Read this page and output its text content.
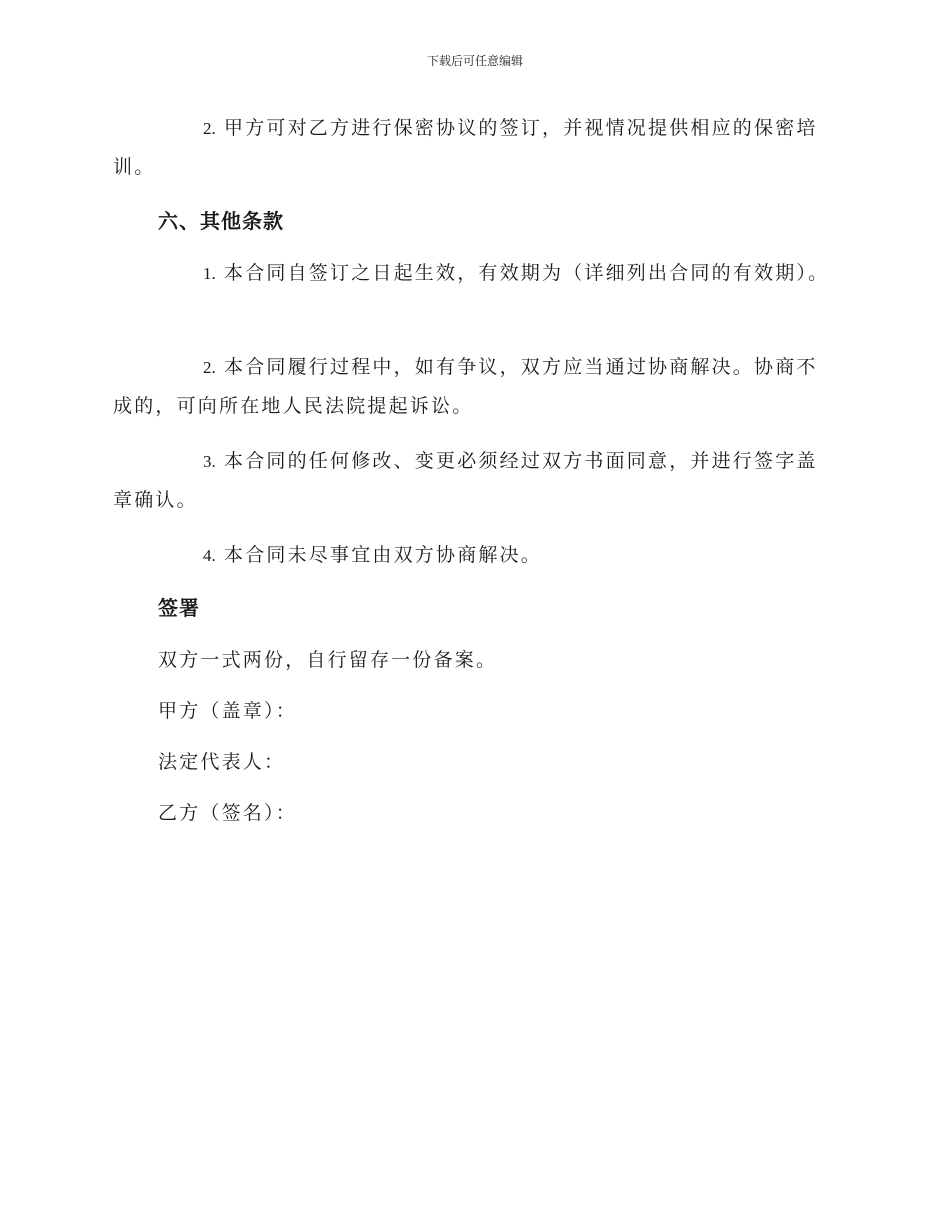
下载后可任意编辑
2. 甲方可对乙方进行保密协议的签订，并视情况提供相应的保密培训。
六、其他条款
1. 本合同自签订之日起生效，有效期为（详细列出合同的有效期）。
2. 本合同履行过程中，如有争议，双方应当通过协商解决。协商不成的，可向所在地人民法院提起诉讼。
3. 本合同的任何修改、变更必须经过双方书面同意，并进行签字盖章确认。
4. 本合同未尽事宜由双方协商解决。
签署
双方一式两份，自行留存一份备案。
甲方（盖章）：
法定代表人：
乙方（签名）：
